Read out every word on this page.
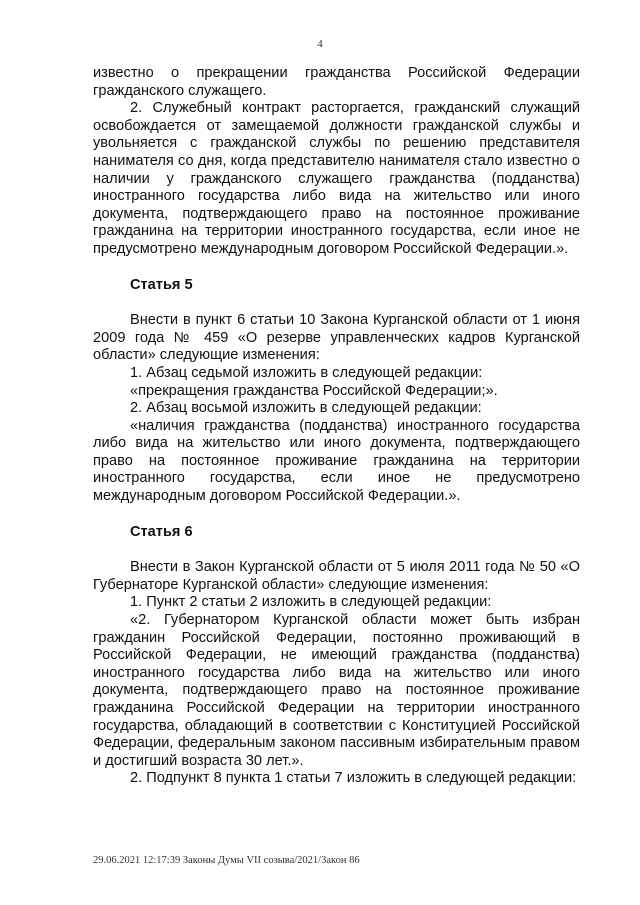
4

известно о прекращении гражданства Российской Федерации гражданского служащего.

2. Служебный контракт расторгается, гражданский служащий освобождается от замещаемой должности гражданской службы и увольняется с гражданской службы по решению представителя нанимателя со дня, когда представителю нанимателя стало известно о наличии у гражданского служащего гражданства (подданства) иностранного государства либо вида на жительство или иного документа, подтверждающего право на постоянное проживание гражданина на территории иностранного государства, если иное не предусмотрено международным договором Российской Федерации.».

Статья 5

Внести в пункт 6 статьи 10 Закона Курганской области от 1 июня 2009 года № 459 «О резерве управленческих кадров Курганской области» следующие изменения:

1. Абзац седьмой изложить в следующей редакции:

«прекращения гражданства Российской Федерации;».

2. Абзац восьмой изложить в следующей редакции:

«наличия гражданства (подданства) иностранного государства либо вида на жительство или иного документа, подтверждающего право на постоянное проживание гражданина на территории иностранного государства, если иное не предусмотрено международным договором Российской Федерации.».

Статья 6

Внести в Закон Курганской области от 5 июля 2011 года № 50 «О Губернаторе Курганской области» следующие изменения:

1. Пункт 2 статьи 2 изложить в следующей редакции:

«2. Губернатором Курганской области может быть избран гражданин Российской Федерации, постоянно проживающий в Российской Федерации, не имеющий гражданства (подданства) иностранного государства либо вида на жительство или иного документа, подтверждающего право на постоянное проживание гражданина Российской Федерации на территории иностранного государства, обладающий в соответствии с Конституцией Российской Федерации, федеральным законом пассивным избирательным правом и достигший возраста 30 лет.».

2. Подпункт 8 пункта 1 статьи 7 изложить в следующей редакции:

29.06.2021 12:17:39 Законы Думы VII созыва/2021/Закон 86
